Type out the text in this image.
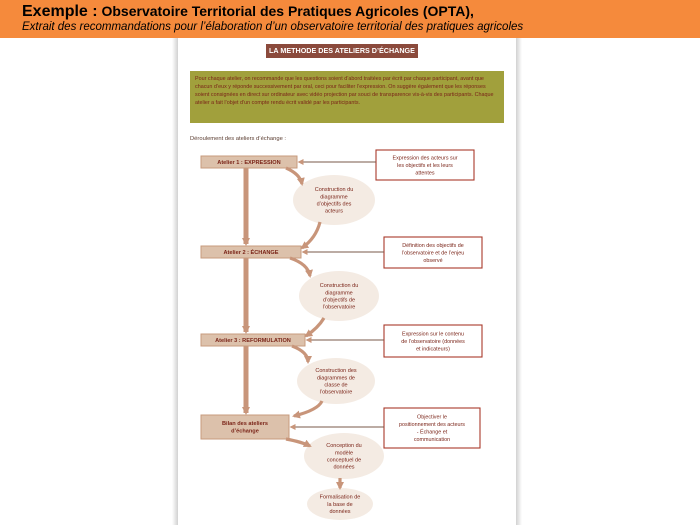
Exemple : Observatoire Territorial des Pratiques Agricoles (OPTA),
Extrait des recommandations pour l’élaboration d’un observatoire territorial des pratiques agricoles
LA METHODE DES ATELIERS D’ÉCHANGE
Pour chaque atelier, on recommande que les questions soient d’abord traitées par écrit par chaque participant, avant que chacun d’eux y réponde successivement par oral, ceci pour faciliter l’expression. On suggère également que les réponses soient consignées en direct sur ordinateur avec vidéo projection par souci de transparence vis-à-vis des participants. Chaque atelier a fait l’objet d’un compte rendu écrit validé par les participants.
Déroulement des ateliers d’échange :
Atelier 1 : EXPRESSION
Atelier 2 : ÉCHANGE
Atelier 3 : REFORMULATION
Bilan des ateliers d’échange
Expression des acteurs sur les objectifs et les leurs attentes
Définition des objectifs de l’observatoire et de l’enjeu observé
Expression sur le contenu de l’observatoire (données et indicateurs)
Objectiver le positionnement des acteurs - Échange et communication
Construction du diagramme d’objectifs des acteurs
Construction du diagramme d’objectifs de l’observatoire
Construction des diagrammes de classe de l’observatoire
Conception du modèle conceptuel de données
Formalisation de la base de données
